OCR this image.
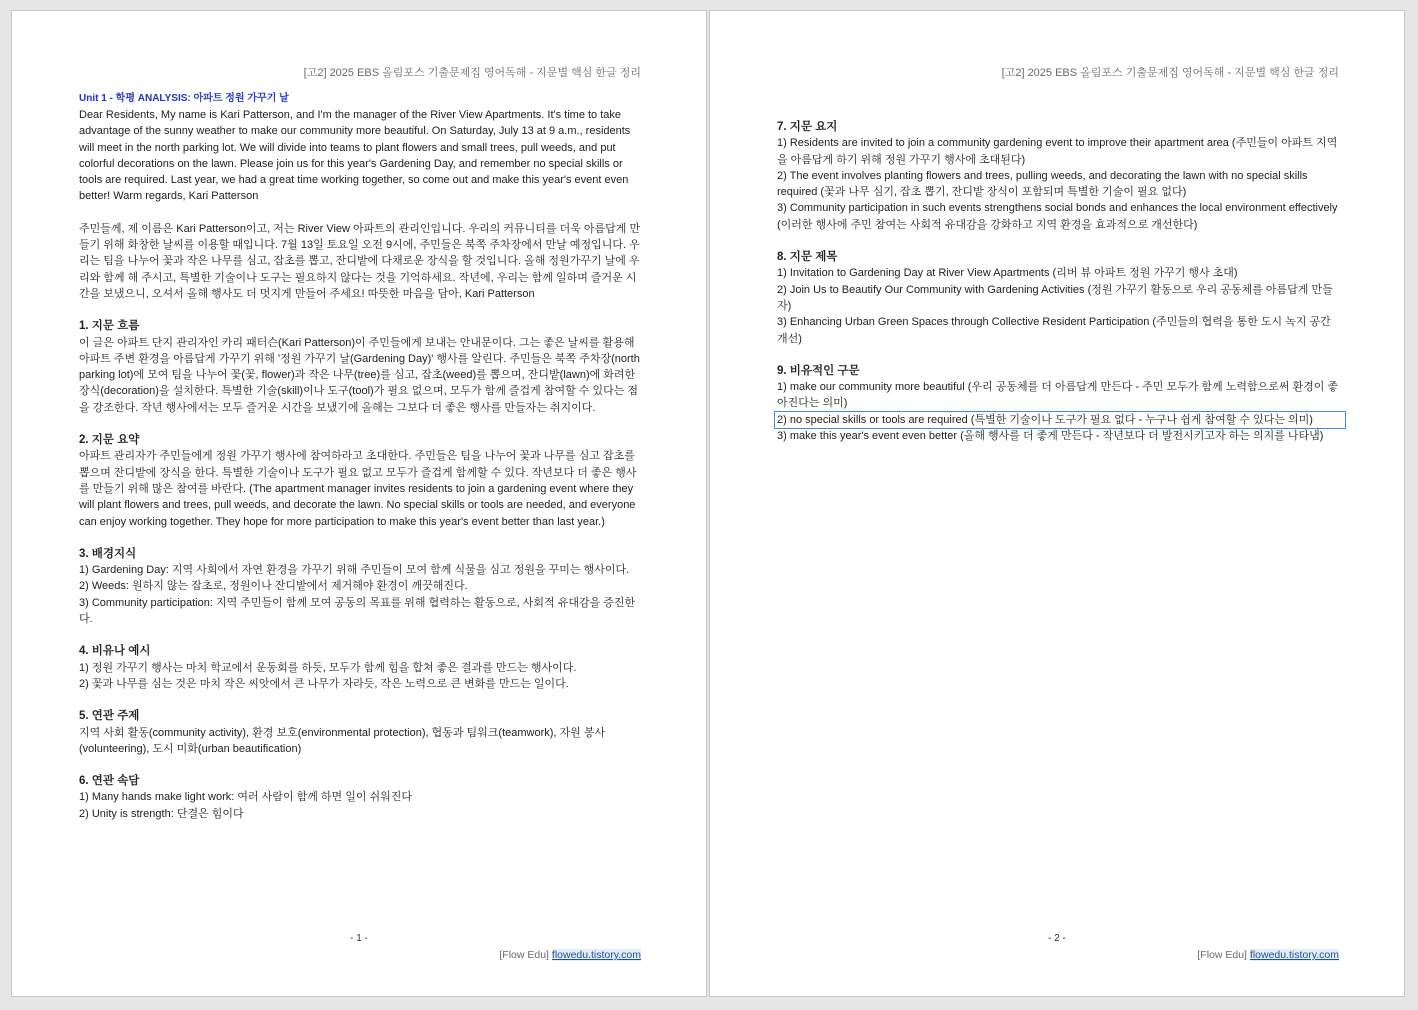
[고2] 2025 EBS 올림포스 기출문제집 영어독해 - 지문별 핵심 한글 정리

Unit 1 - 학평 ANALYSIS: 아파트 정원 가꾸기 날

Dear Residents, My name is Kari Patterson, and I'm the manager of the River View Apartments. It's time to take advantage of the sunny weather to make our community more beautiful. On Saturday, July 13 at 9 a.m., residents will meet in the north parking lot. We will divide into teams to plant flowers and small trees, pull weeds, and put colorful decorations on the lawn. Please join us for this year's Gardening Day, and remember no special skills or tools are required. Last year, we had a great time working together, so come out and make this year's event even better! Warm regards, Kari Patterson

주민들께, 제 이름은 Kari Patterson이고, 저는 River View 아파트의 관리인입니다. 우리의 커뮤니티를 더욱 아름답게 만들기 위해 화창한 날씨를 이용할 때입니다. 7월 13일 토요일 오전 9시에, 주민들은 북쪽 주차장에서 만날 예정입니다. 우리는 팀을 나누어 꽃과 작은 나무를 심고, 잡초를 뽑고, 잔디밭에 다채로운 장식을 할 것입니다. 올해 정원가꾸기 날에 우리와 함께 해 주시고, 특별한 기술이나 도구는 필요하지 않다는 것을 기억하세요. 작년에, 우리는 함께 일하며 즐거운 시간을 보냈으니, 오셔서 올해 행사도 더 멋지게 만들어 주세요! 따뜻한 마음을 담아, Kari Patterson

1. 지문 흐름

이 글은 아파트 단지 관리자인 카리 패터슨(Kari Patterson)이 주민들에게 보내는 안내문이다. 그는 좋은 날씨를 활용해 아파트 주변 환경을 아름답게 가꾸기 위해 '정원 가꾸기 날(Gardening Day)' 행사를 알린다. 주민들은 북쪽 주차장(north parking lot)에 모여 팀을 나누어 꽃(꽃, flower)과 작은 나무(tree)를 심고, 잡초(weed)를 뽑으며, 잔디밭(lawn)에 화려한 장식(decoration)을 설치한다. 특별한 기술(skill)이나 도구(tool)가 필요 없으며, 모두가 함께 즐겁게 참여할 수 있다는 점을 강조한다. 작년 행사에서는 모두 즐거운 시간을 보냈기에 올해는 그보다 더 좋은 행사를 만들자는 취지이다.

2. 지문 요약

아파트 관리자가 주민들에게 정원 가꾸기 행사에 참여하라고 초대한다. 주민들은 팀을 나누어 꽃과 나무를 심고 잡초를 뽑으며 잔디밭에 장식을 한다. 특별한 기술이나 도구가 필요 없고 모두가 즐겁게 함께할 수 있다. 작년보다 더 좋은 행사를 만들기 위해 많은 참여를 바란다. (The apartment manager invites residents to join a gardening event where they will plant flowers and trees, pull weeds, and decorate the lawn. No special skills or tools are needed, and everyone can enjoy working together. They hope for more participation to make this year's event better than last year.)

3. 배경지식

1) Gardening Day: 지역 사회에서 자연 환경을 가꾸기 위해 주민들이 모여 함께 식물을 심고 정원을 꾸미는 행사이다.

2) Weeds: 원하지 않는 잡초로, 정원이나 잔디밭에서 제거해야 환경이 깨끗해진다.

3) Community participation: 지역 주민들이 함께 모여 공동의 목표를 위해 협력하는 활동으로, 사회적 유대감을 증진한다.

4. 비유나 예시

1) 정원 가꾸기 행사는 마치 학교에서 운동회를 하듯, 모두가 함께 힘을 합쳐 좋은 결과를 만드는 행사이다.

2) 꽃과 나무를 심는 것은 마치 작은 씨앗에서 큰 나무가 자라듯, 작은 노력으로 큰 변화를 만드는 일이다.

5. 연관 주제

지역 사회 활동(community activity), 환경 보호(environmental protection), 협동과 팀워크(teamwork), 자원 봉사(volunteering), 도시 미화(urban beautification)

6. 연관 속담

1) Many hands make light work: 여러 사람이 함께 하면 일이 쉬워진다

2) Unity is strength: 단결은 힘이다

- 1 -
[Flow Edu] flowedu.tistory.com
[고2] 2025 EBS 올림포스 기출문제집 영어독해 - 지문별 핵심 한글 정리

7. 지문 요지

1) Residents are invited to join a community gardening event to improve their apartment area (주민들이 아파트 지역을 아름답게 하기 위해 정원 가꾸기 행사에 초대된다)

2) The event involves planting flowers and trees, pulling weeds, and decorating the lawn with no special skills required (꽃과 나무 심기, 잡초 뽑기, 잔디밭 장식이 포함되며 특별한 기술이 필요 없다)

3) Community participation in such events strengthens social bonds and enhances the local environment effectively (이러한 행사에 주민 참여는 사회적 유대감을 강화하고 지역 환경을 효과적으로 개선한다)

8. 지문 제목

1) Invitation to Gardening Day at River View Apartments (리버 뷰 아파트 정원 가꾸기 행사 초대)

2) Join Us to Beautify Our Community with Gardening Activities (정원 가꾸기 활동으로 우리 공동체를 아름답게 만들자)

3) Enhancing Urban Green Spaces through Collective Resident Participation (주민들의 협력을 통한 도시 녹지 공간 개선)

9. 비유적인 구문

1) make our community more beautiful (우리 공동체를 더 아름답게 만든다 - 주민 모두가 함께 노력함으로써 환경이 좋아진다는 의미)

2) no special skills or tools are required (특별한 기술이나 도구가 필요 없다 - 누구나 쉽게 참여할 수 있다는 의미)

3) make this year's event even better (올해 행사를 더 좋게 만든다 - 작년보다 더 발전시키고자 하는 의지를 나타냄)

- 2 -
[Flow Edu] flowedu.tistory.com
